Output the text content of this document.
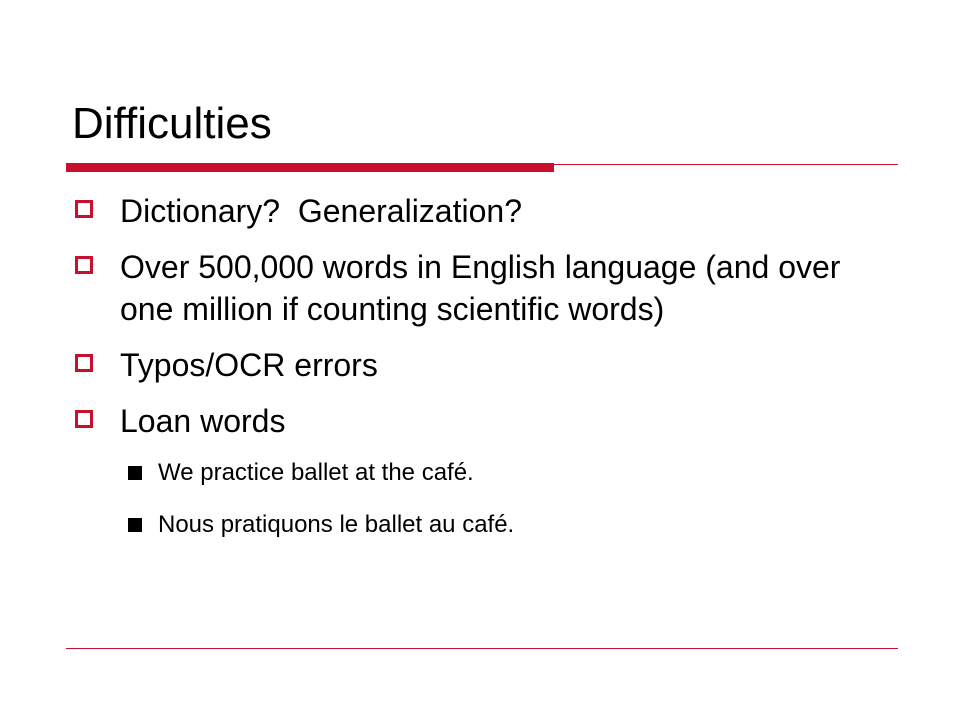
Difficulties
Dictionary?  Generalization?
Over 500,000 words in English language (and over one million if counting scientific words)
Typos/OCR errors
Loan words
We practice ballet at the café.
Nous pratiquons le ballet au café.
